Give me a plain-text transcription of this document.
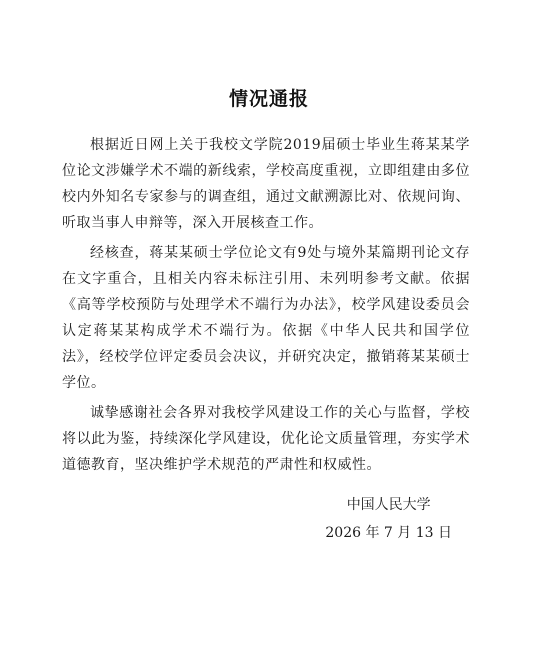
情况通报

根据近日网上关于我校文学院2019届硕士毕业生蒋某某学位论文涉嫌学术不端的新线索，学校高度重视，立即组建由多位校内外知名专家参与的调查组，通过文献溯源比对、依规问询、听取当事人申辩等，深入开展核查工作。

经核查，蒋某某硕士学位论文有9处与境外某篇期刊论文存在文字重合，且相关内容未标注引用、未列明参考文献。依据《高等学校预防与处理学术不端行为办法》，校学风建设委员会认定蒋某某构成学术不端行为。依据《中华人民共和国学位法》，经校学位评定委员会决议，并研究决定，撤销蒋某某硕士学位。

诚挚感谢社会各界对我校学风建设工作的关心与监督，学校将以此为鉴，持续深化学风建设，优化论文质量管理，夯实学术道德教育，坚决维护学术规范的严肃性和权威性。

中国人民大学
2026 年 7 月 13 日
